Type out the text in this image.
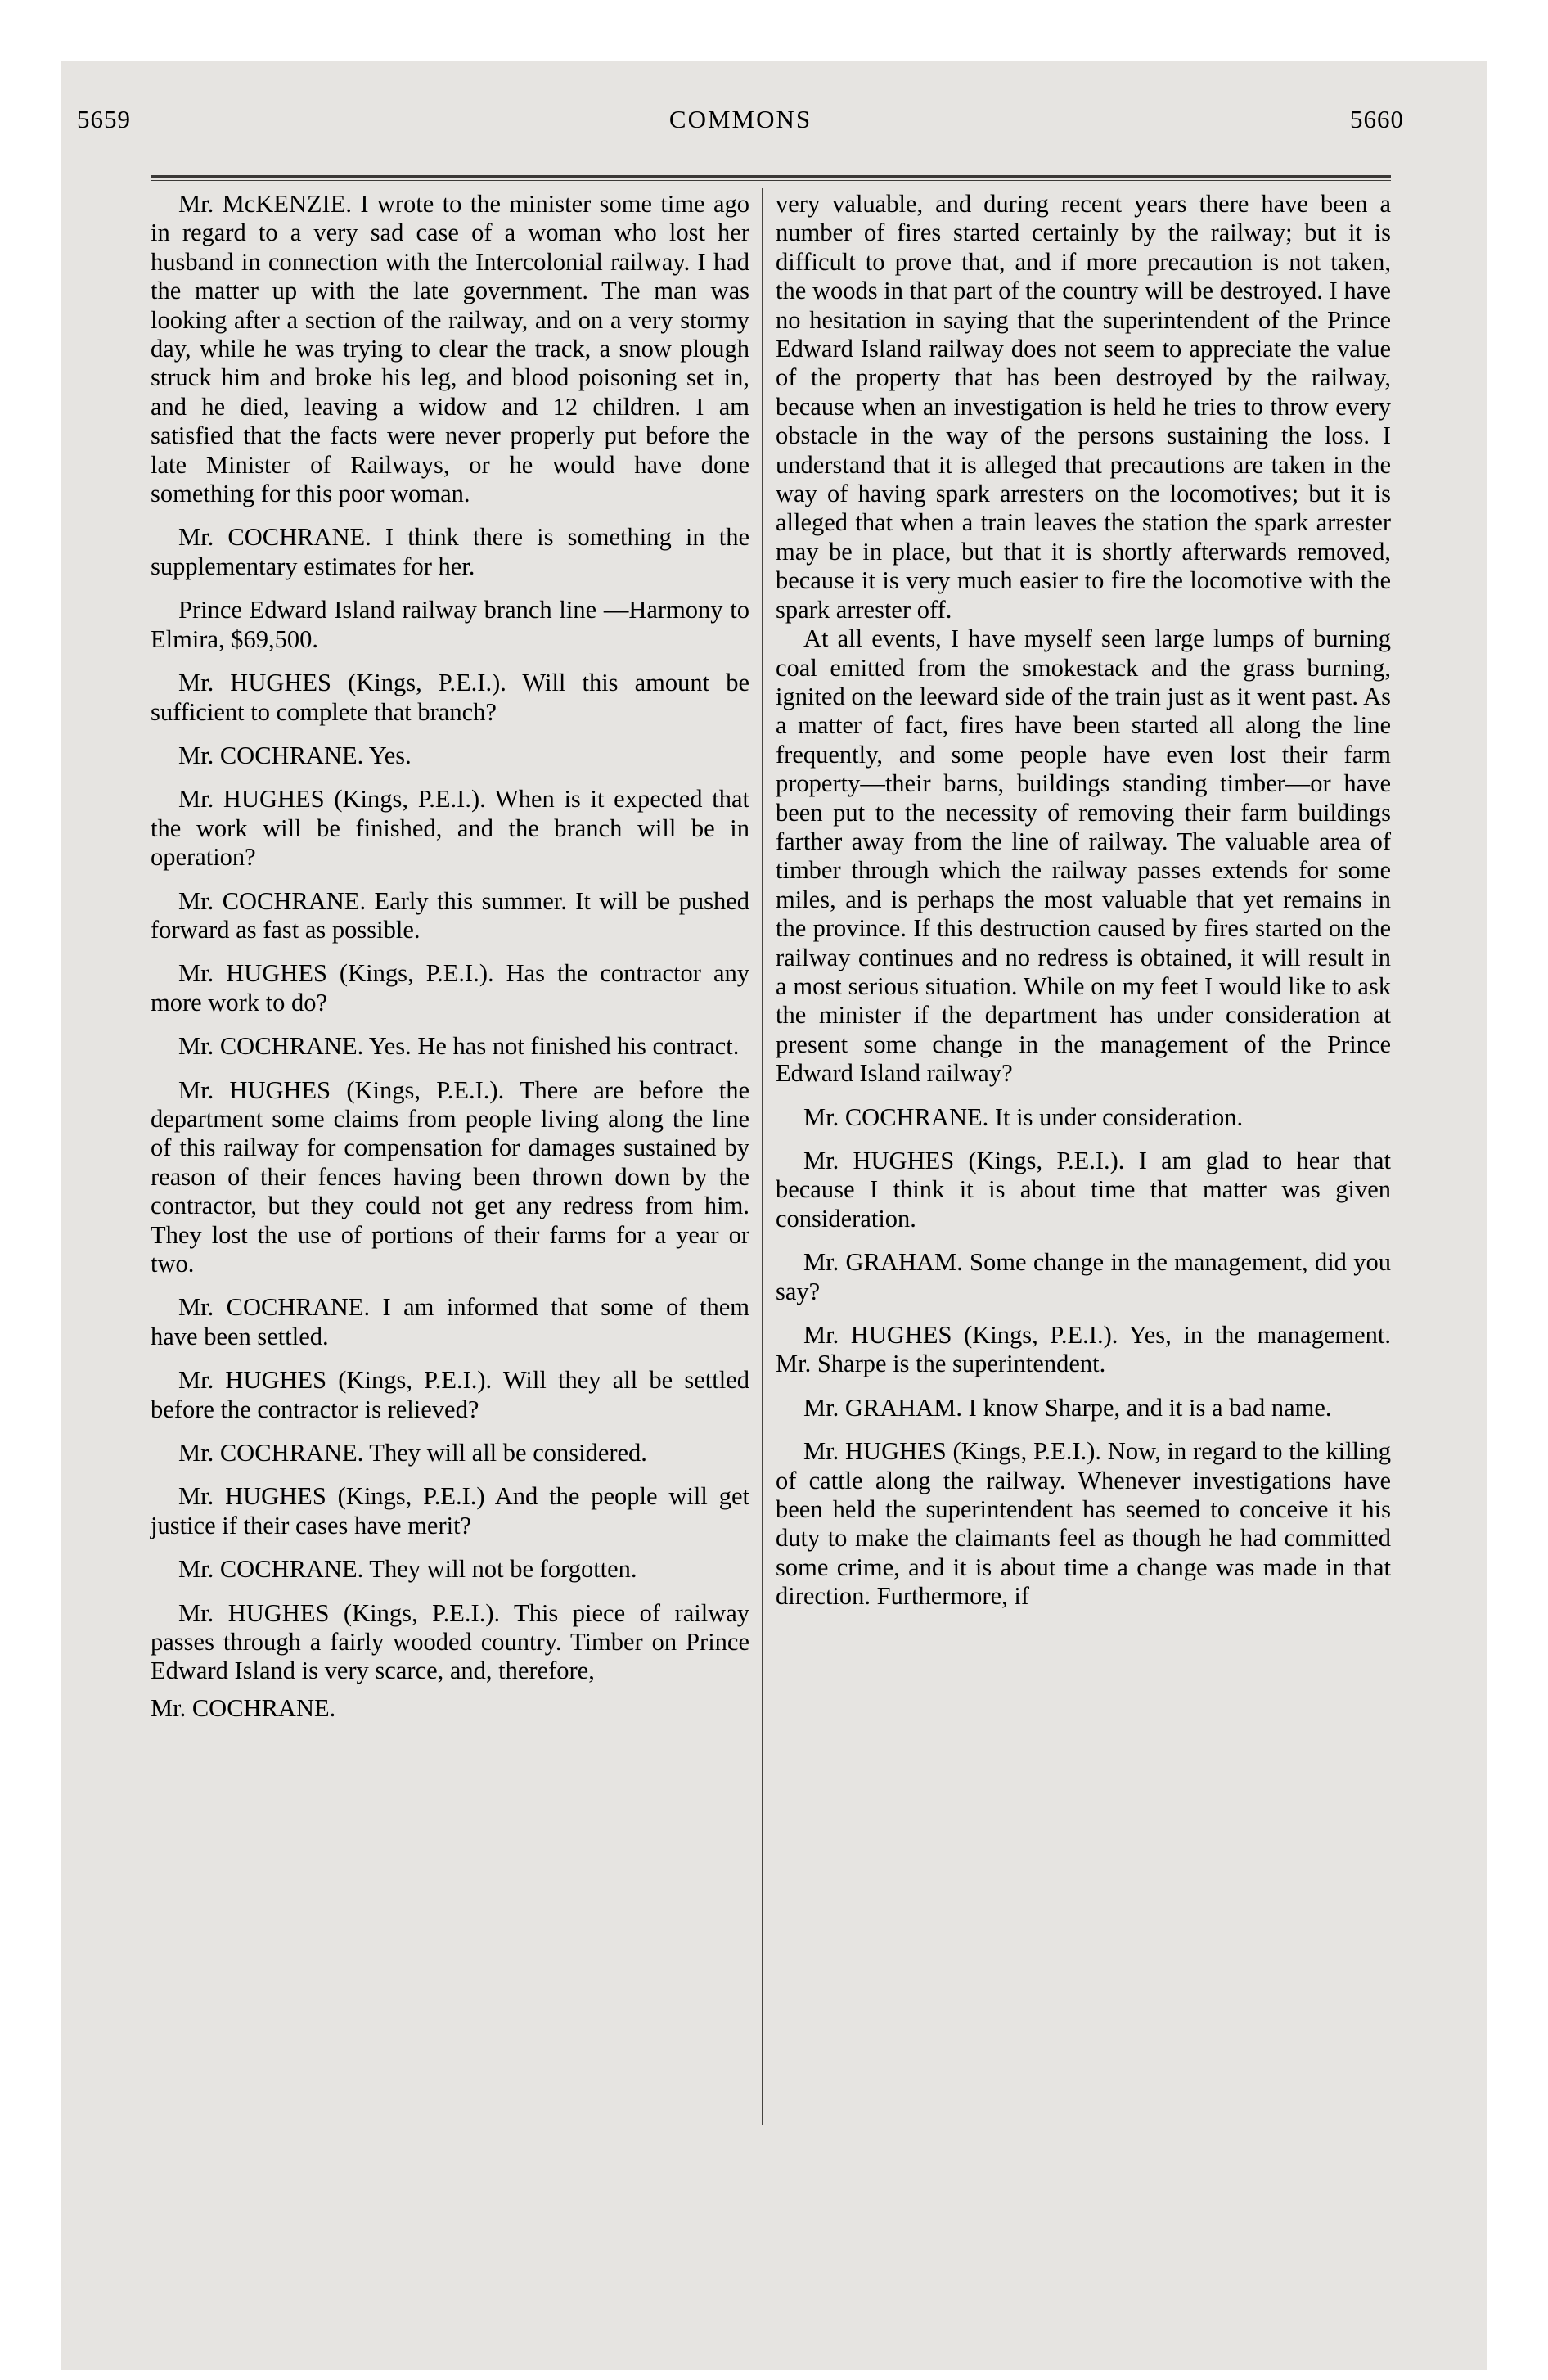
5659	COMMONS	5660

Mr. McKENZIE. I wrote to the minister some time ago in regard to a very sad case of a woman who lost her husband in connection with the Intercolonial railway. I had the matter up with the late government. The man was looking after a section of the railway, and on a very stormy day, while he was trying to clear the track, a snow plough struck him and broke his leg, and blood poisoning set in, and he died, leaving a widow and 12 children. I am satisfied that the facts were never properly put before the late Minister of Railways, or he would have done something for this poor woman.

Mr. COCHRANE. I think there is something in the supplementary estimates for her.

Prince Edward Island railway branch line —Harmony to Elmira, $69,500.

Mr. HUGHES (Kings, P.E.I.). Will this amount be sufficient to complete that branch?

Mr. COCHRANE. Yes.

Mr. HUGHES (Kings, P.E.I.). When is it expected that the work will be finished, and the branch will be in operation?

Mr. COCHRANE. Early this summer. It will be pushed forward as fast as possible.

Mr. HUGHES (Kings, P.E.I.). Has the contractor any more work to do?

Mr. COCHRANE. Yes. He has not finished his contract.

Mr. HUGHES (Kings, P.E.I.). There are before the department some claims from people living along the line of this railway for compensation for damages sustained by reason of their fences having been thrown down by the contractor, but they could not get any redress from him. They lost the use of portions of their farms for a year or two.

Mr. COCHRANE. I am informed that some of them have been settled.

Mr. HUGHES (Kings, P.E.I.). Will they all be settled before the contractor is relieved?

Mr. COCHRANE. They will all be considered.

Mr. HUGHES (Kings, P.E.I.) And the people will get justice if their cases have merit?

Mr. COCHRANE. They will not be forgotten.

Mr. HUGHES (Kings, P.E.I.). This piece of railway passes through a fairly wooded country. Timber on Prince Edward Island is very scarce, and, therefore,

Mr. COCHRANE.

very valuable, and during recent years there have been a number of fires started certainly by the railway; but it is difficult to prove that, and if more precaution is not taken, the woods in that part of the country will be destroyed. I have no hesitation in saying that the superintendent of the Prince Edward Island railway does not seem to appreciate the value of the property that has been destroyed by the railway, because when an investigation is held he tries to throw every obstacle in the way of the persons sustaining the loss. I understand that it is alleged that precautions are taken in the way of having spark arresters on the locomotives; but it is alleged that when a train leaves the station the spark arrester may be in place, but that it is shortly afterwards removed, because it is very much easier to fire the locomotive with the spark arrester off.

At all events, I have myself seen large lumps of burning coal emitted from the smokestack and the grass burning, ignited on the leeward side of the train just as it went past. As a matter of fact, fires have been started all along the line frequently, and some people have even lost their farm property—their barns, buildings standing timber—or have been put to the necessity of removing their farm buildings farther away from the line of railway. The valuable area of timber through which the railway passes extends for some miles, and is perhaps the most valuable that yet remains in the province. If this destruction caused by fires started on the railway continues and no redress is obtained, it will result in a most serious situation. While on my feet I would like to ask the minister if the department has under consideration at present some change in the management of the Prince Edward Island railway?

Mr. COCHRANE. It is under consideration.

Mr. HUGHES (Kings, P.E.I.). I am glad to hear that because I think it is about time that matter was given consideration.

Mr. GRAHAM. Some change in the management, did you say?

Mr. HUGHES (Kings, P.E.I.). Yes, in the management. Mr. Sharpe is the superintendent.

Mr. GRAHAM. I know Sharpe, and it is a bad name.

Mr. HUGHES (Kings, P.E.I.). Now, in regard to the killing of cattle along the railway. Whenever investigations have been held the superintendent has seemed to conceive it his duty to make the claimants feel as though he had committed some crime, and it is about time a change was made in that direction. Furthermore, if
